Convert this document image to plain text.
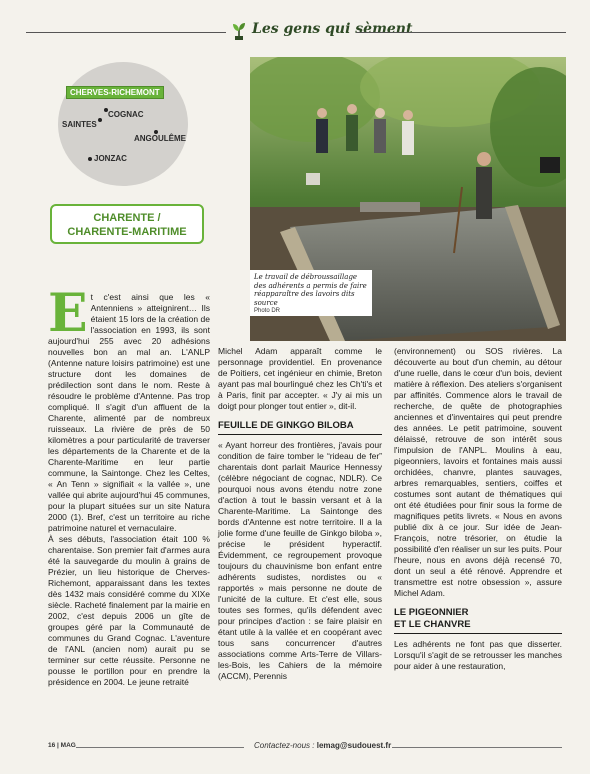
Les gens qui sèment
CHERVES-RICHEMONT
SAINTES
COGNAC
ANGOULÊME
JONZAC
CHARENTE /
CHARENTE-MARITIME
Le travail de débroussaillage des adhérents a permis de faire réapparaître des lavoirs dits source
Photo DR
E t c'est ainsi que les « Antenniens » atteignirent… Ils étaient 15 lors de la création de l'association en 1993, ils sont aujourd'hui 255 avec 20 adhésions nouvelles bon an mal an. L'ANLP (Antenne nature loisirs patrimoine) est une structure dont les domaines de prédilection sont dans le nom. Reste à résoudre le problème d'Antenne. Pas trop compliqué. Il s'agit d'un affluent de la Charente, alimenté par de nombreux ruisseaux. La rivière de près de 50 kilomètres a pour particularité de traverser les départements de la Charente et de la Charente-Maritime en leur partie commune, la Saintonge. Chez les Celtes, « An Tenn » signifiait « la vallée », une vallée qui abrite aujourd'hui 45 communes, pour la plupart situées sur un site Natura 2000 (1). Bref, c'est un territoire au riche patrimoine naturel et vernaculaire.

À ses débuts, l'association était 100 % charentaise. Son premier fait d'armes aura été la sauvegarde du moulin à grains de Prézier, un lieu historique de Cherves-Richemont, apparaissant dans les textes dès 1432 mais considéré comme du XIXe siècle. Racheté finalement par la mairie en 2002, c'est depuis 2006 un gîte de groupes géré par la Communauté de communes du Grand Cognac. L'aventure de l'ANL (ancien nom) aurait pu se terminer sur cette réussite. Personne ne pousse le portillon pour en prendre la présidence en 2004. Le jeune retraité

Michel Adam apparaît comme le personnage providentiel. En provenance de Poitiers, cet ingénieur en chimie, Breton ayant pas mal bourlingué chez les Ch'ti's et à Paris, finit par accepter. « J'y ai mis un doigt pour plonger tout entier », dit-il.

FEUILLE DE GINKGO BILOBA

« Ayant horreur des frontières, j'avais pour condition de faire tomber le “rideau de fer” charentais dont parlait Maurice Hennessy (célèbre négociant de cognac, NDLR). Ce pourquoi nous avons étendu notre zone d'action à tout le bassin versant et à la Charente-Maritime. La Saintonge des bords d'Antenne est notre territoire. Il a la jolie forme d'une feuille de Ginkgo biloba », précise le président hyperactif. Évidemment, ce regroupement provoque toujours du chauvinisme bon enfant entre adhérents sudistes, nordistes ou « rapportés » mais personne ne doute de l'unicité de la culture. Et c'est elle, sous toutes ses formes, qu'ils défendent avec pour principes d'action : se faire plaisir en étant utile à la vallée et en coopérant avec tous sans concurrencer d'autres associations comme Arts-Terre de Villars-les-Bois, les Cahiers de la mémoire (ACCM), Perennis

(environnement) ou SOS rivières. La découverte au bout d'un chemin, au détour d'une ruelle, dans le cœur d'un bois, devient matière à réflexion. Des ateliers s'organisent par affinités. Commence alors le travail de recherche, de quête de photographies anciennes et d'inventaires qui peut prendre des années. Le petit patrimoine, souvent délaissé, retrouve de son intérêt sous l'impulsion de l'ANPL. Moulins à eau, pigeonniers, lavoirs et fontaines mais aussi orchidées, chanvre, plantes sauvages, arbres remarquables, sentiers, coiffes et costumes sont autant de thématiques qui ont été étudiées pour finir sous la forme de magnifiques petits livrets. « Nous en avons publié dix à ce jour. Sur idée de Jean-François, notre trésorier, on étudie la possibilité d'en réaliser un sur les puits. Pour l'heure, nous en avons déjà recensé 70, dont un seul a été rénové. Apprendre et transmettre est notre obsession », assure Michel Adam.

LE PIGEONNIER
ET LE CHANVRE

Les adhérents ne font pas que disserter. Lorsqu'il s'agit de se retrousser les manches pour aider à une restauration,

16 | MAG	Contactez-nous : lemag@sudouest.fr
